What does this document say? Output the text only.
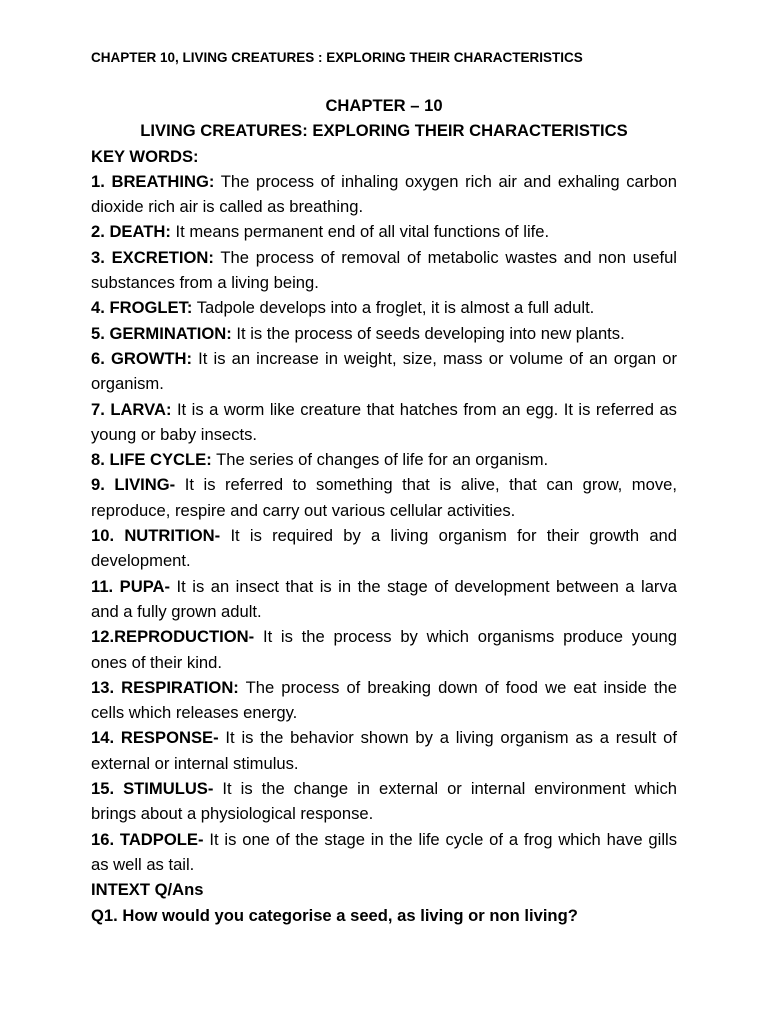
CHAPTER 10, LIVING CREATURES : EXPLORING THEIR CHARACTERISTICS
CHAPTER – 10
LIVING CREATURES: EXPLORING THEIR CHARACTERISTICS
KEY WORDS:

1. BREATHING: The process of inhaling oxygen rich air and exhaling carbon dioxide rich air is called as breathing.

2. DEATH: It means permanent end of all vital functions of life.

3. EXCRETION: The process of removal of metabolic wastes and non useful substances from a living being.

4. FROGLET: Tadpole develops into a froglet, it is almost a full adult.

5. GERMINATION: It is the process of seeds developing into new plants.

6. GROWTH: It is an increase in weight, size, mass or volume of an organ or organism.

7. LARVA: It is a worm like creature that hatches from an egg. It is referred as young or baby insects.

8. LIFE CYCLE: The series of changes of life for an organism.

9. LIVING- It is referred to something that is alive, that can grow, move, reproduce, respire and carry out various cellular activities.

10. NUTRITION- It is required by a living organism for their growth and development.

11. PUPA- It is an insect that is in the stage of development between a larva and a fully grown adult.

12.REPRODUCTION- It is the process by which organisms produce young ones of their kind.

13. RESPIRATION: The process of breaking down of food we eat inside the cells which releases energy.

14. RESPONSE- It is the behavior shown by a living organism as a result of external or internal stimulus.

15. STIMULUS- It is the change in external or internal environment which brings about a physiological response.

16. TADPOLE- It is one of the stage in the life cycle of a frog which have gills as well as tail.

INTEXT Q/Ans
Q1. How would you categorise a seed, as living or non living?
